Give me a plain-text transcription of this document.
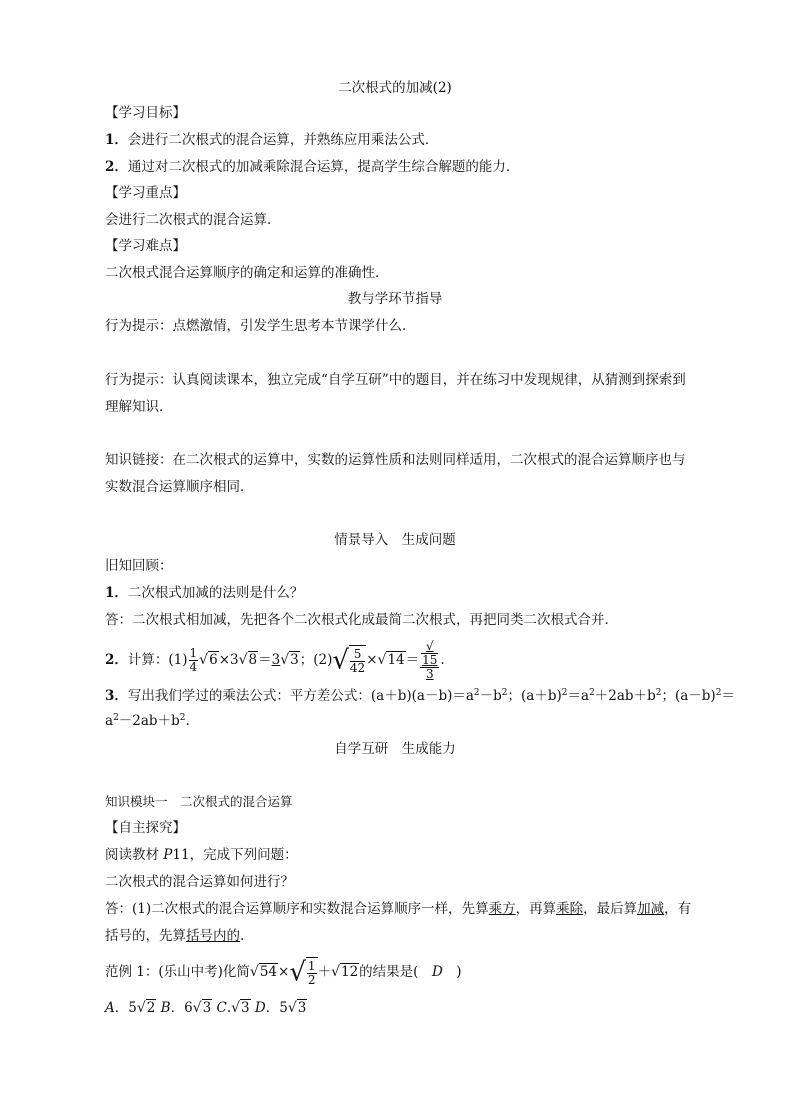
二次根式的加减(2)
【学习目标】
1．会进行二次根式的混合运算，并熟练应用乘法公式．
2．通过对二次根式的加减乘除混合运算，提高学生综合解题的能力．
【学习重点】
会进行二次根式的混合运算．
【学习难点】
二次根式混合运算顺序的确定和运算的准确性．
教与学环节指导
行为提示：点燃激情，引发学生思考本节课学什么．
行为提示：认真阅读课本，独立完成“自学互研”中的题目，并在练习中发现规律，从猜测到探索到
理解知识．
知识链接：在二次根式的运算中，实数的运算性质和法则同样适用，二次根式的混合运算顺序也与
实数混合运算顺序相同．
情景导入　生成问题
旧知回顾：
1．二次根式加减的法则是什么？
答：二次根式相加减，先把各个二次根式化成最简二次根式，再把同类二次根式合并．
2．计算：$(1) \frac{1}{4} √6\times 3√8=3√3$；$(2)√ \frac{5}{42} \times√14=$ √
15
3 .
3．写出我们学过的乘法公式：平方差公式：$(a+b)(a-b)=a^2-b^2$；$(a+b)^2=a^2+2ab+b^2$；$(a-b)^2=$
$a^2-2ab+b^2$.
自学互研　生成能力
知识模块一　二次根式的混合运算
【自主探究】
阅读教材 P11，完成下列问题：
二次根式的混合运算如何进行？
答：(1)二次根式的混合运算顺序和实数混合运算顺序一样，先算乘方，再算乘除，最后算加减，有
括号的，先算括号内的.
范例 1：(乐山中考)化简$√54\times√ \frac{1}{2} +√12$的结果是(　D　)
A．5√2 B．6√3 C.√3 D．5√3
